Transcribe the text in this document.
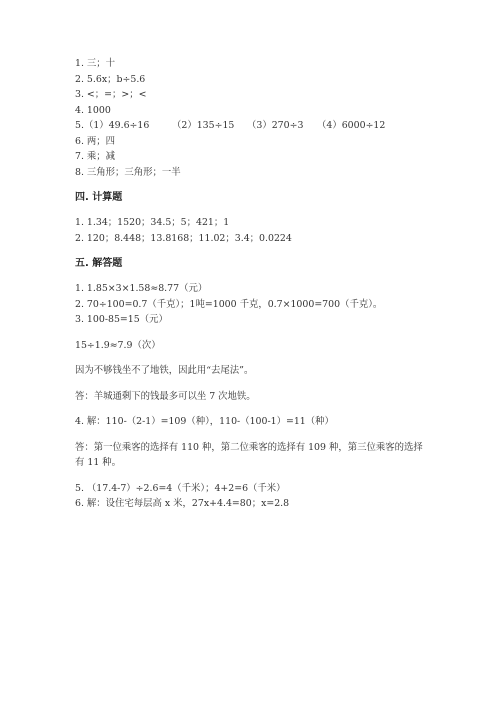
1. 三；十
2. 5.6x；b÷5.6
3. <；=；>；<
4. 1000
5.（1）49.6÷16 （2）135÷15 （3）270÷3 （4）6000÷12
6. 两；四
7. 乘；减
8. 三角形；三角形；一半
四. 计算题
1. 1.34；1520；34.5；5；421；1
2. 120；8.448；13.8168；11.02；3.4；0.0224
五. 解答题
1. 1.85×3×1.58≈8.77（元）
2. 70÷100=0.7（千克）；1吨=1000 千克，0.7×1000=700（千克）。
3. 100-85=15（元）
15÷1.9≈7.9（次）
因为不够钱坐不了地铁，因此用“去尾法”。
答：羊城通剩下的钱最多可以坐 7 次地铁。
4. 解：110-（2-1）=109（种），110-（100-1）=11（种）
答：第一位乘客的选择有 110 种，第二位乘客的选择有 109 种，第三位乘客的选择有 11 种。
5. （17.4-7）÷2.6=4（千米）；4+2=6（千米）
6. 解：设住宅每层高 x 米，27x+4.4=80；x=2.8
